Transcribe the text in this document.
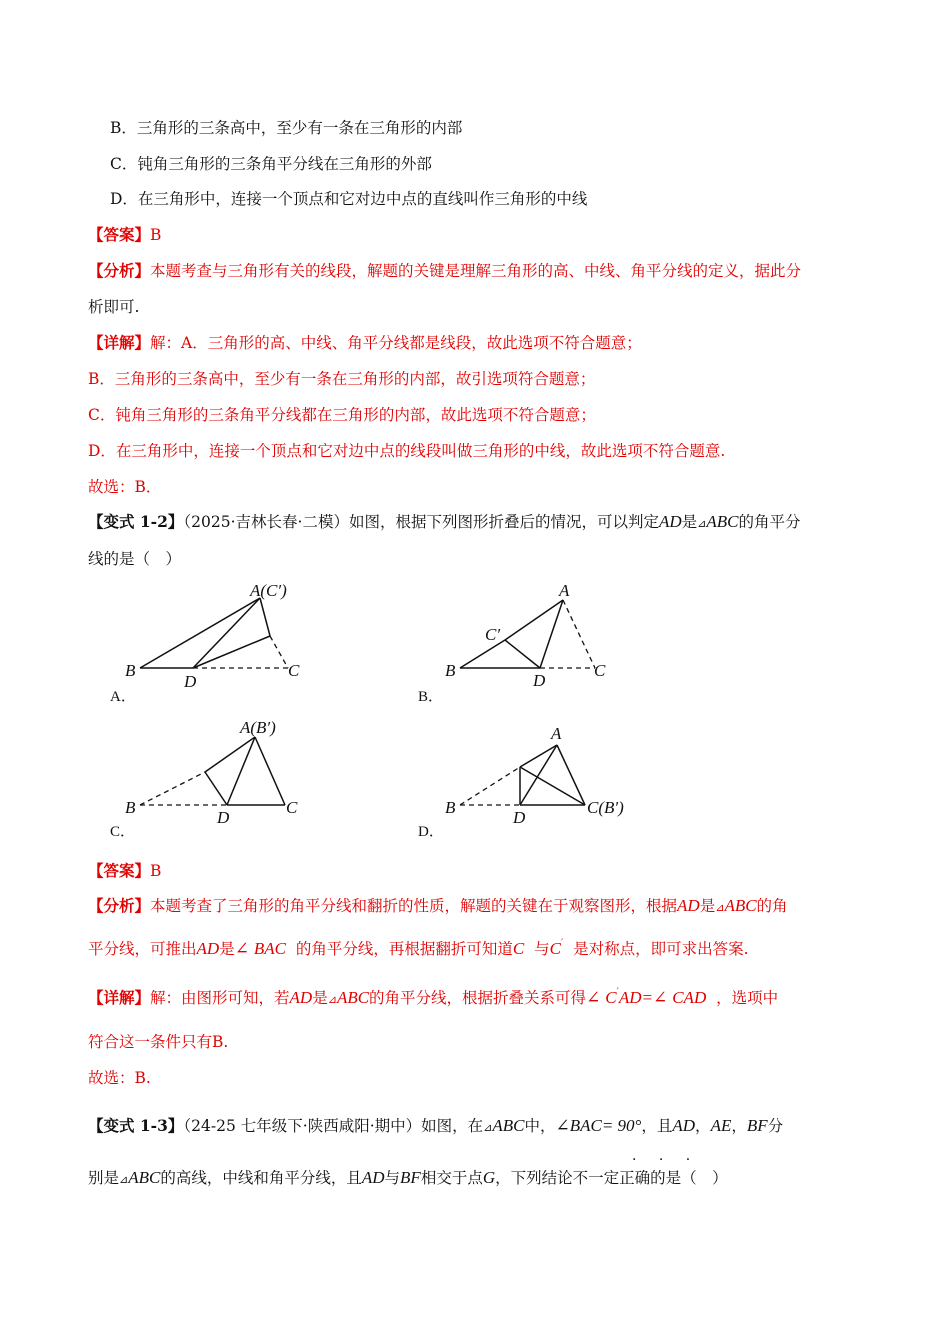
B．三角形的三条高中，至少有一条在三角形的内部
C．钝角三角形的三条角平分线在三角形的外部
D．在三角形中，连接一个顶点和它对边中点的直线叫作三角形的中线
【答案】B
【分析】本题考查与三角形有关的线段，解题的关键是理解三角形的高、中线、角平分线的定义，据此分
析即可.
【详解】解：A．三角形的高、中线、角平分线都是线段，故此选项不符合题意；
B．三角形的三条高中，至少有一条在三角形的内部，故引选项符合题意；
C．钝角三角形的三条角平分线都在三角形的内部，故此选项不符合题意；
D．在三角形中，连接一个顶点和它对边中点的线段叫做三角形的中线，故此选项不符合题意.
故选：B．
【变式 1-2】（2025·吉林长春·二模）如图，根据下列图形折叠后的情况，可以判定AD是⊿ABC的角平分
线的是（　）
A(C′)
B
D
C
A．
A
C′
B
D
C
B．
A(B′)
B
D
C
C．
A
B
D
C(B′)
D．
【答案】B
【分析】本题考查了三角形的角平分线和翻折的性质，解题的关键在于观察图形，根据AD是⊿ABC的角
平分线，可推出AD是∠ BAC 的角平分线，再根据翻折可知道C 与C′ 是对称点，即可求出答案.
【详解】解：由图形可知，若AD是⊿ABC的角平分线，根据折叠关系可得∠ C′AD=∠ CAD ，选项中
符合这一条件只有B.
故选：B.
【变式 1-3】（24-25 七年级下·陕西咸阳·期中）如图，在⊿ABC中，∠BAC= 90°，且AD，AE，BF分
· · ·
别是⊿ABC的高线，中线和角平分线，且AD与BF相交于点G，下列结论不一定正确的是（　）
